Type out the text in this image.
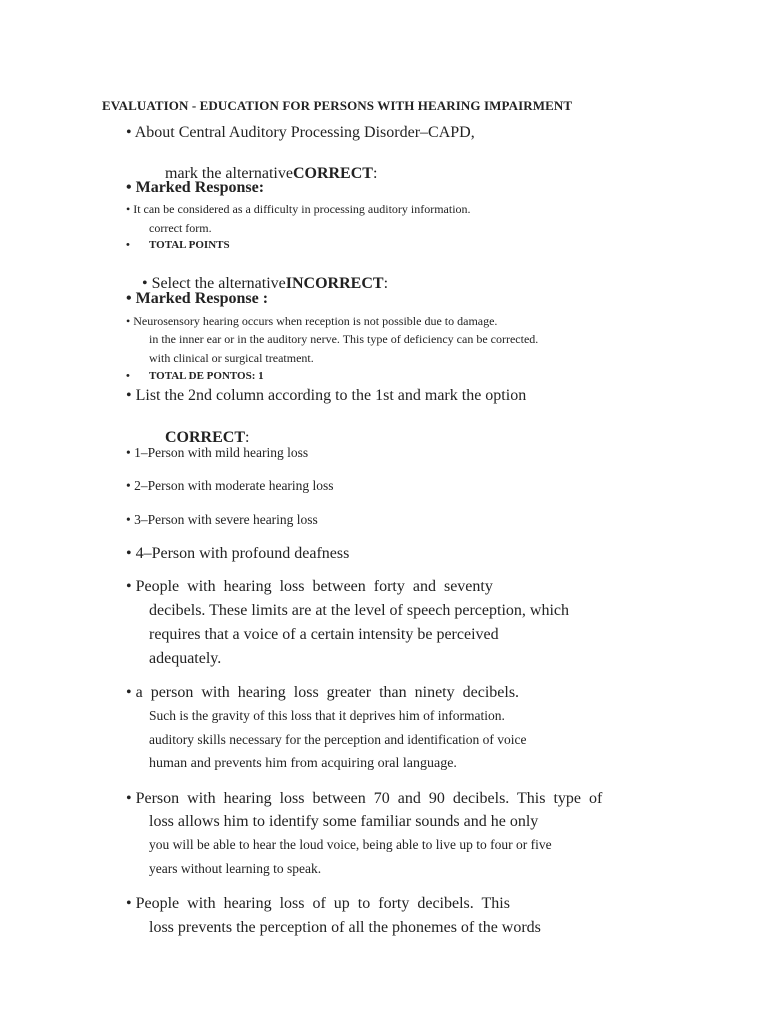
EVALUATION - EDUCATION FOR PERSONS WITH HEARING IMPAIRMENT
• About Central Auditory Processing Disorder–CAPD,

mark the alternativeCORRECT:

• Marked Response:
• It can be considered as a difficulty in processing auditory information.
correct form.
• TOTAL POINTS

• Select the alternativeINCORRECT:

• Marked Response :
• Neurosensory hearing occurs when reception is not possible due to damage.
in the inner ear or in the auditory nerve. This type of deficiency can be corrected.
with clinical or surgical treatment.
• TOTAL DE PONTOS: 1
• List the 2nd column according to the 1st and mark the option

CORRECT:

• 1–Person with mild hearing loss
• 2–Person with moderate hearing loss
• 3–Person with severe hearing loss
• 4–Person with profound deafness
• People  with  hearing  loss  between  forty  and  seventy
decibels. These limits are at the level of speech perception, which
requires that a voice of a certain intensity be perceived
adequately.
• a  person  with  hearing  loss  greater  than  ninety  decibels.
Such is the gravity of this loss that it deprives him of information.
auditory skills necessary for the perception and identification of voice
human and prevents him from acquiring oral language.
• Person  with  hearing  loss  between  70  and  90  decibels.  This  type  of
loss allows him to identify some familiar sounds and he only
you will be able to hear the loud voice, being able to live up to four or five
years without learning to speak.
• People  with  hearing  loss  of  up  to  forty  decibels.  This
loss prevents the perception of all the phonemes of the words
